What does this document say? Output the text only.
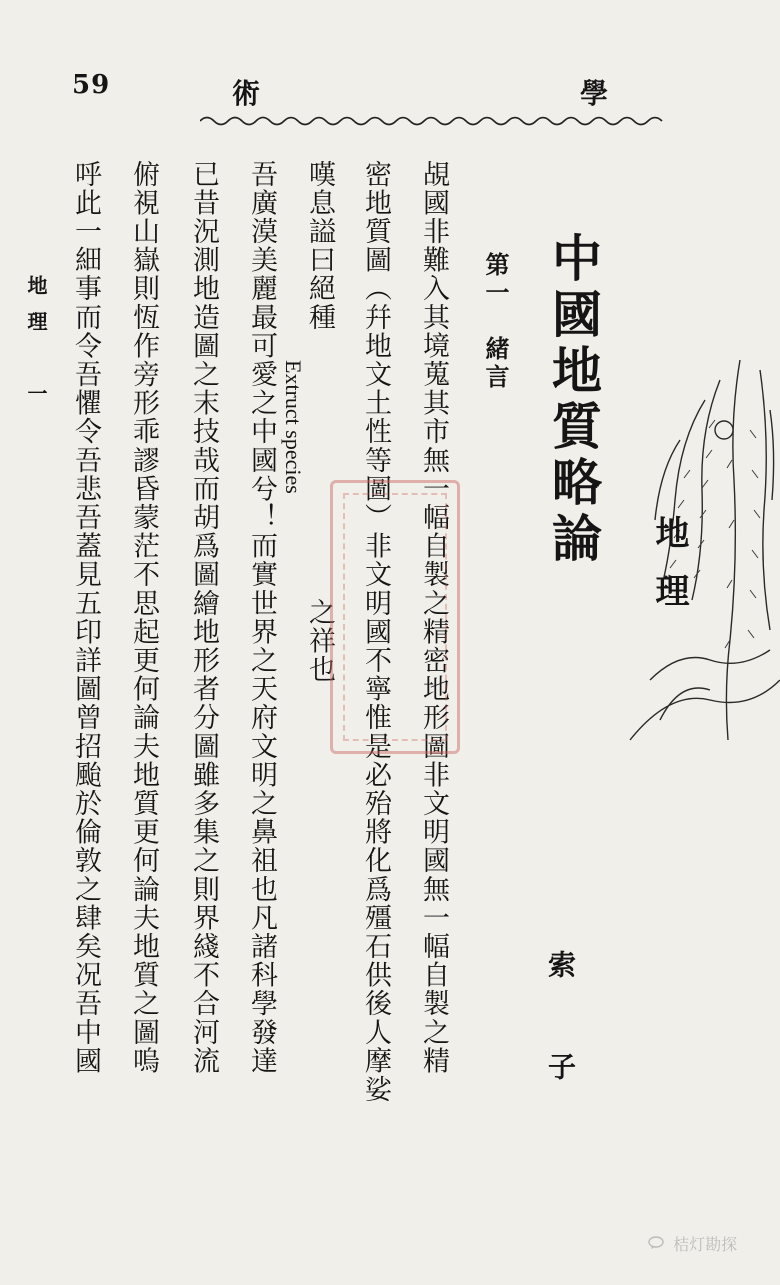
59	術	學
中國地質略論
第一　緒言
覘國非難入其境蒐其市無一幅自製之精密地形圖非文明國無一幅自製之精
密地質圖（幷地文土性等圖）非文明國不寧惟是必殆將化爲殭石供後人摩娑
嘆息謚曰絕種
Extruct species
之祥也
吾廣漠美麗最可愛之中國兮！而實世界之天府文明之鼻祖也凡諸科學發達
已昔況測地造圖之末技哉而胡爲圖繪地形者分圖雖多集之則界綫不合河流
俯視山嶽則恆作旁形乖謬昏蒙茫不思起更何論夫地質更何論夫地質之圖嗚
呼此一細事而令吾懼令吾悲吾蓋見五印詳圖曾招颱於倫敦之肆矣况吾中國	索子
地理　一
地理
桔灯勘探
